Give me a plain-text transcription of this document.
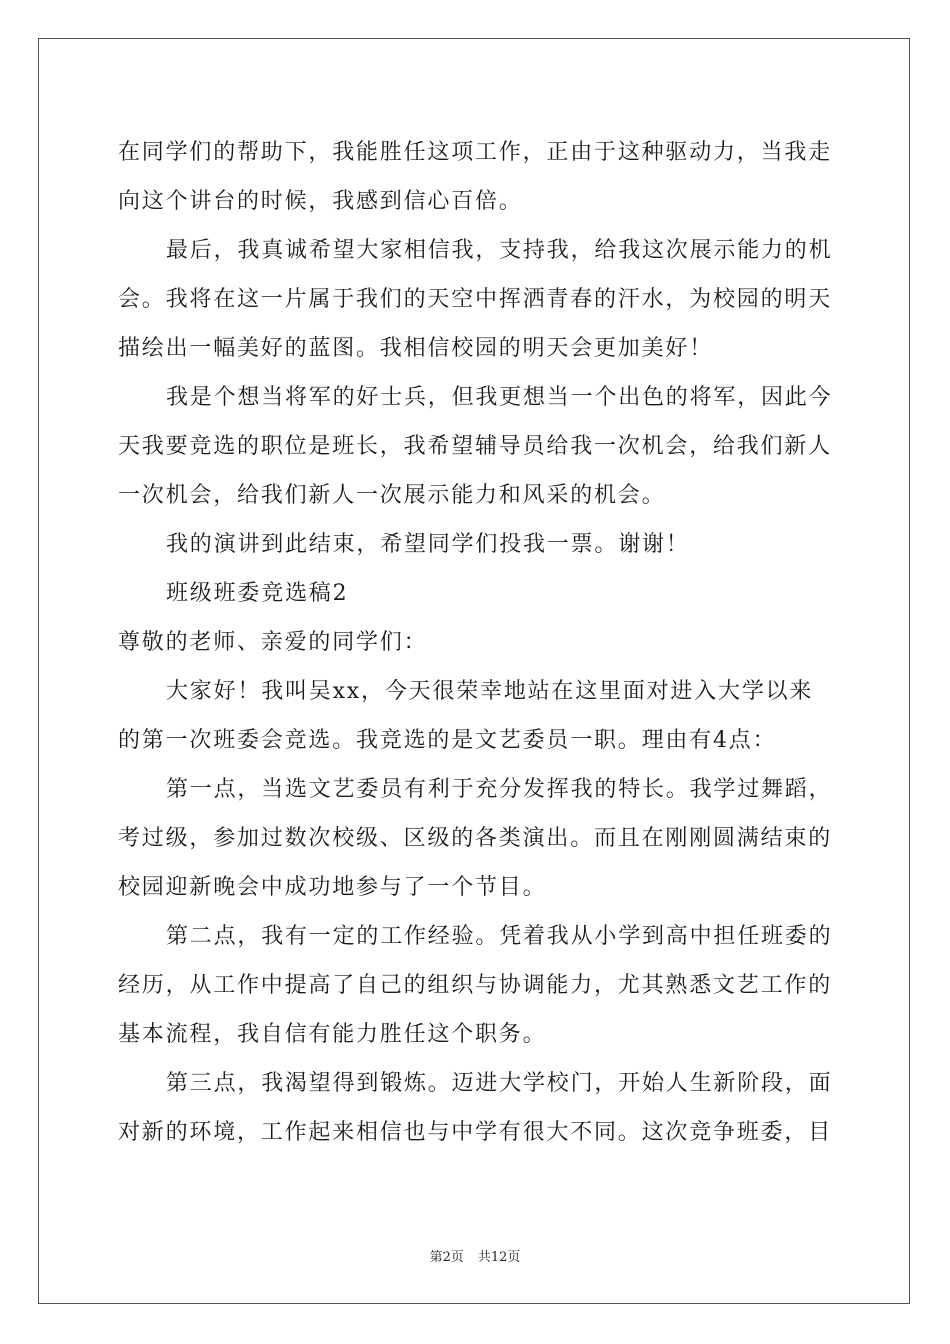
在同学们的帮助下，我能胜任这项工作，正由于这种驱动力，当我走
向这个讲台的时候，我感到信心百倍。
最后，我真诚希望大家相信我，支持我，给我这次展示能力的机
会。我将在这一片属于我们的天空中挥洒青春的汗水，为校园的明天
描绘出一幅美好的蓝图。我相信校园的明天会更加美好！
我是个想当将军的好士兵，但我更想当一个出色的将军，因此今
天我要竞选的职位是班长，我希望辅导员给我一次机会，给我们新人
一次机会，给我们新人一次展示能力和风采的机会。
我的演讲到此结束，希望同学们投我一票。谢谢！
班级班委竞选稿2
尊敬的老师、亲爱的同学们：
大家好！我叫吴xx，今天很荣幸地站在这里面对进入大学以来
的第一次班委会竞选。我竞选的是文艺委员一职。理由有4点：
第一点，当选文艺委员有利于充分发挥我的特长。我学过舞蹈，
考过级，参加过数次校级、区级的各类演出。而且在刚刚圆满结束的
校园迎新晚会中成功地参与了一个节目。
第二点，我有一定的工作经验。凭着我从小学到高中担任班委的
经历，从工作中提高了自己的组织与协调能力，尤其熟悉文艺工作的
基本流程，我自信有能力胜任这个职务。
第三点，我渴望得到锻炼。迈进大学校门，开始人生新阶段，面
对新的环境，工作起来相信也与中学有很大不同。这次竞争班委，目
第2页 共12页
